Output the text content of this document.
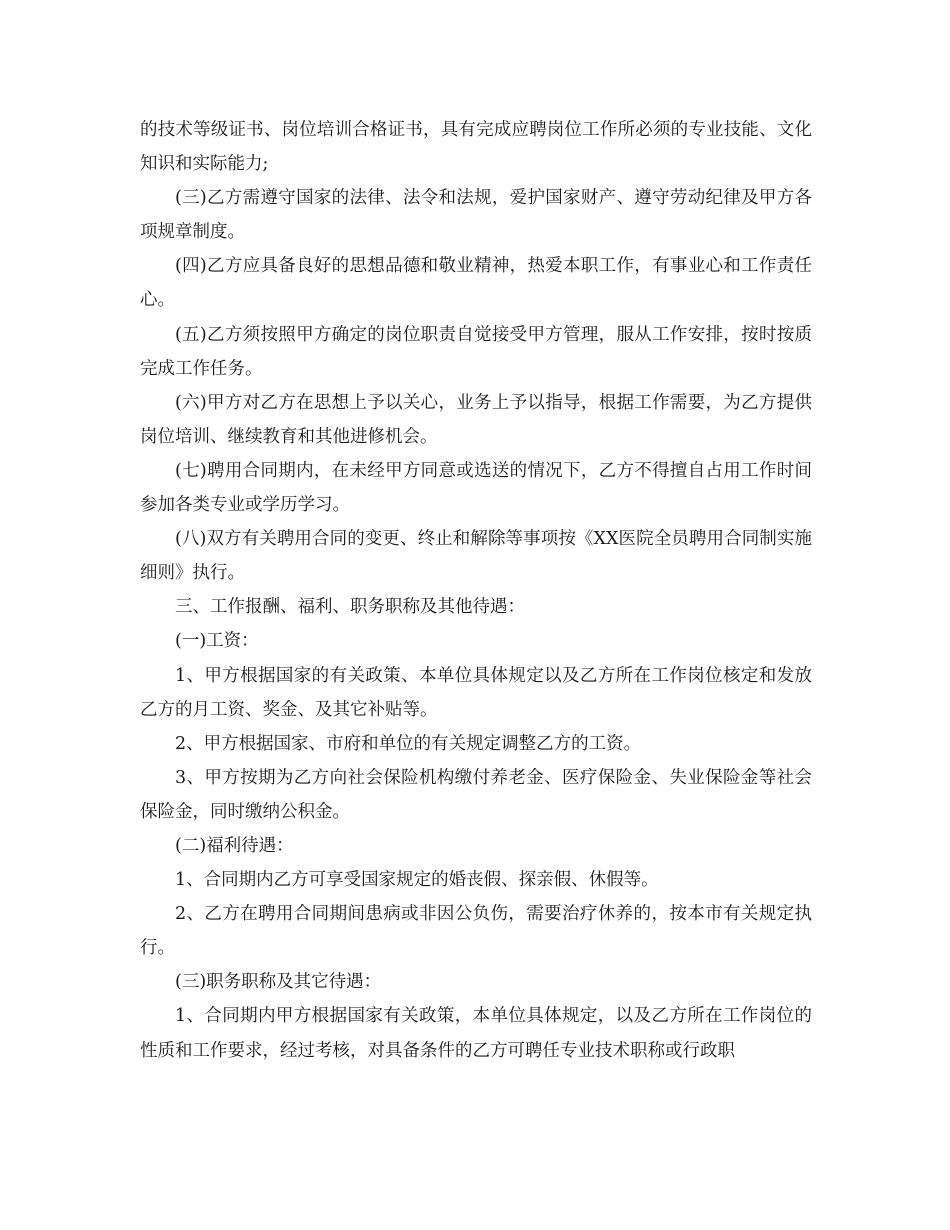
的技术等级证书、岗位培训合格证书，具有完成应聘岗位工作所必须的专业技能、文化知识和实际能力;

(三)乙方需遵守国家的法律、法令和法规，爱护国家财产、遵守劳动纪律及甲方各项规章制度。

(四)乙方应具备良好的思想品德和敬业精神，热爱本职工作，有事业心和工作责任心。

(五)乙方须按照甲方确定的岗位职责自觉接受甲方管理，服从工作安排，按时按质完成工作任务。

(六)甲方对乙方在思想上予以关心，业务上予以指导，根据工作需要，为乙方提供岗位培训、继续教育和其他进修机会。

(七)聘用合同期内，在未经甲方同意或选送的情况下，乙方不得擅自占用工作时间参加各类专业或学历学习。

(八)双方有关聘用合同的变更、终止和解除等事项按《XX医院全员聘用合同制实施细则》执行。

三、工作报酬、福利、职务职称及其他待遇：

(一)工资：

1、甲方根据国家的有关政策、本单位具体规定以及乙方所在工作岗位核定和发放乙方的月工资、奖金、及其它补贴等。

2、甲方根据国家、市府和单位的有关规定调整乙方的工资。

3、甲方按期为乙方向社会保险机构缴付养老金、医疗保险金、失业保险金等社会保险金，同时缴纳公积金。

(二)福利待遇：

1、合同期内乙方可享受国家规定的婚丧假、探亲假、休假等。

2、乙方在聘用合同期间患病或非因公负伤，需要治疗休养的，按本市有关规定执行。

(三)职务职称及其它待遇：

1、合同期内甲方根据国家有关政策，本单位具体规定，以及乙方所在工作岗位的性质和工作要求，经过考核，对具备条件的乙方可聘任专业技术职称或行政职
